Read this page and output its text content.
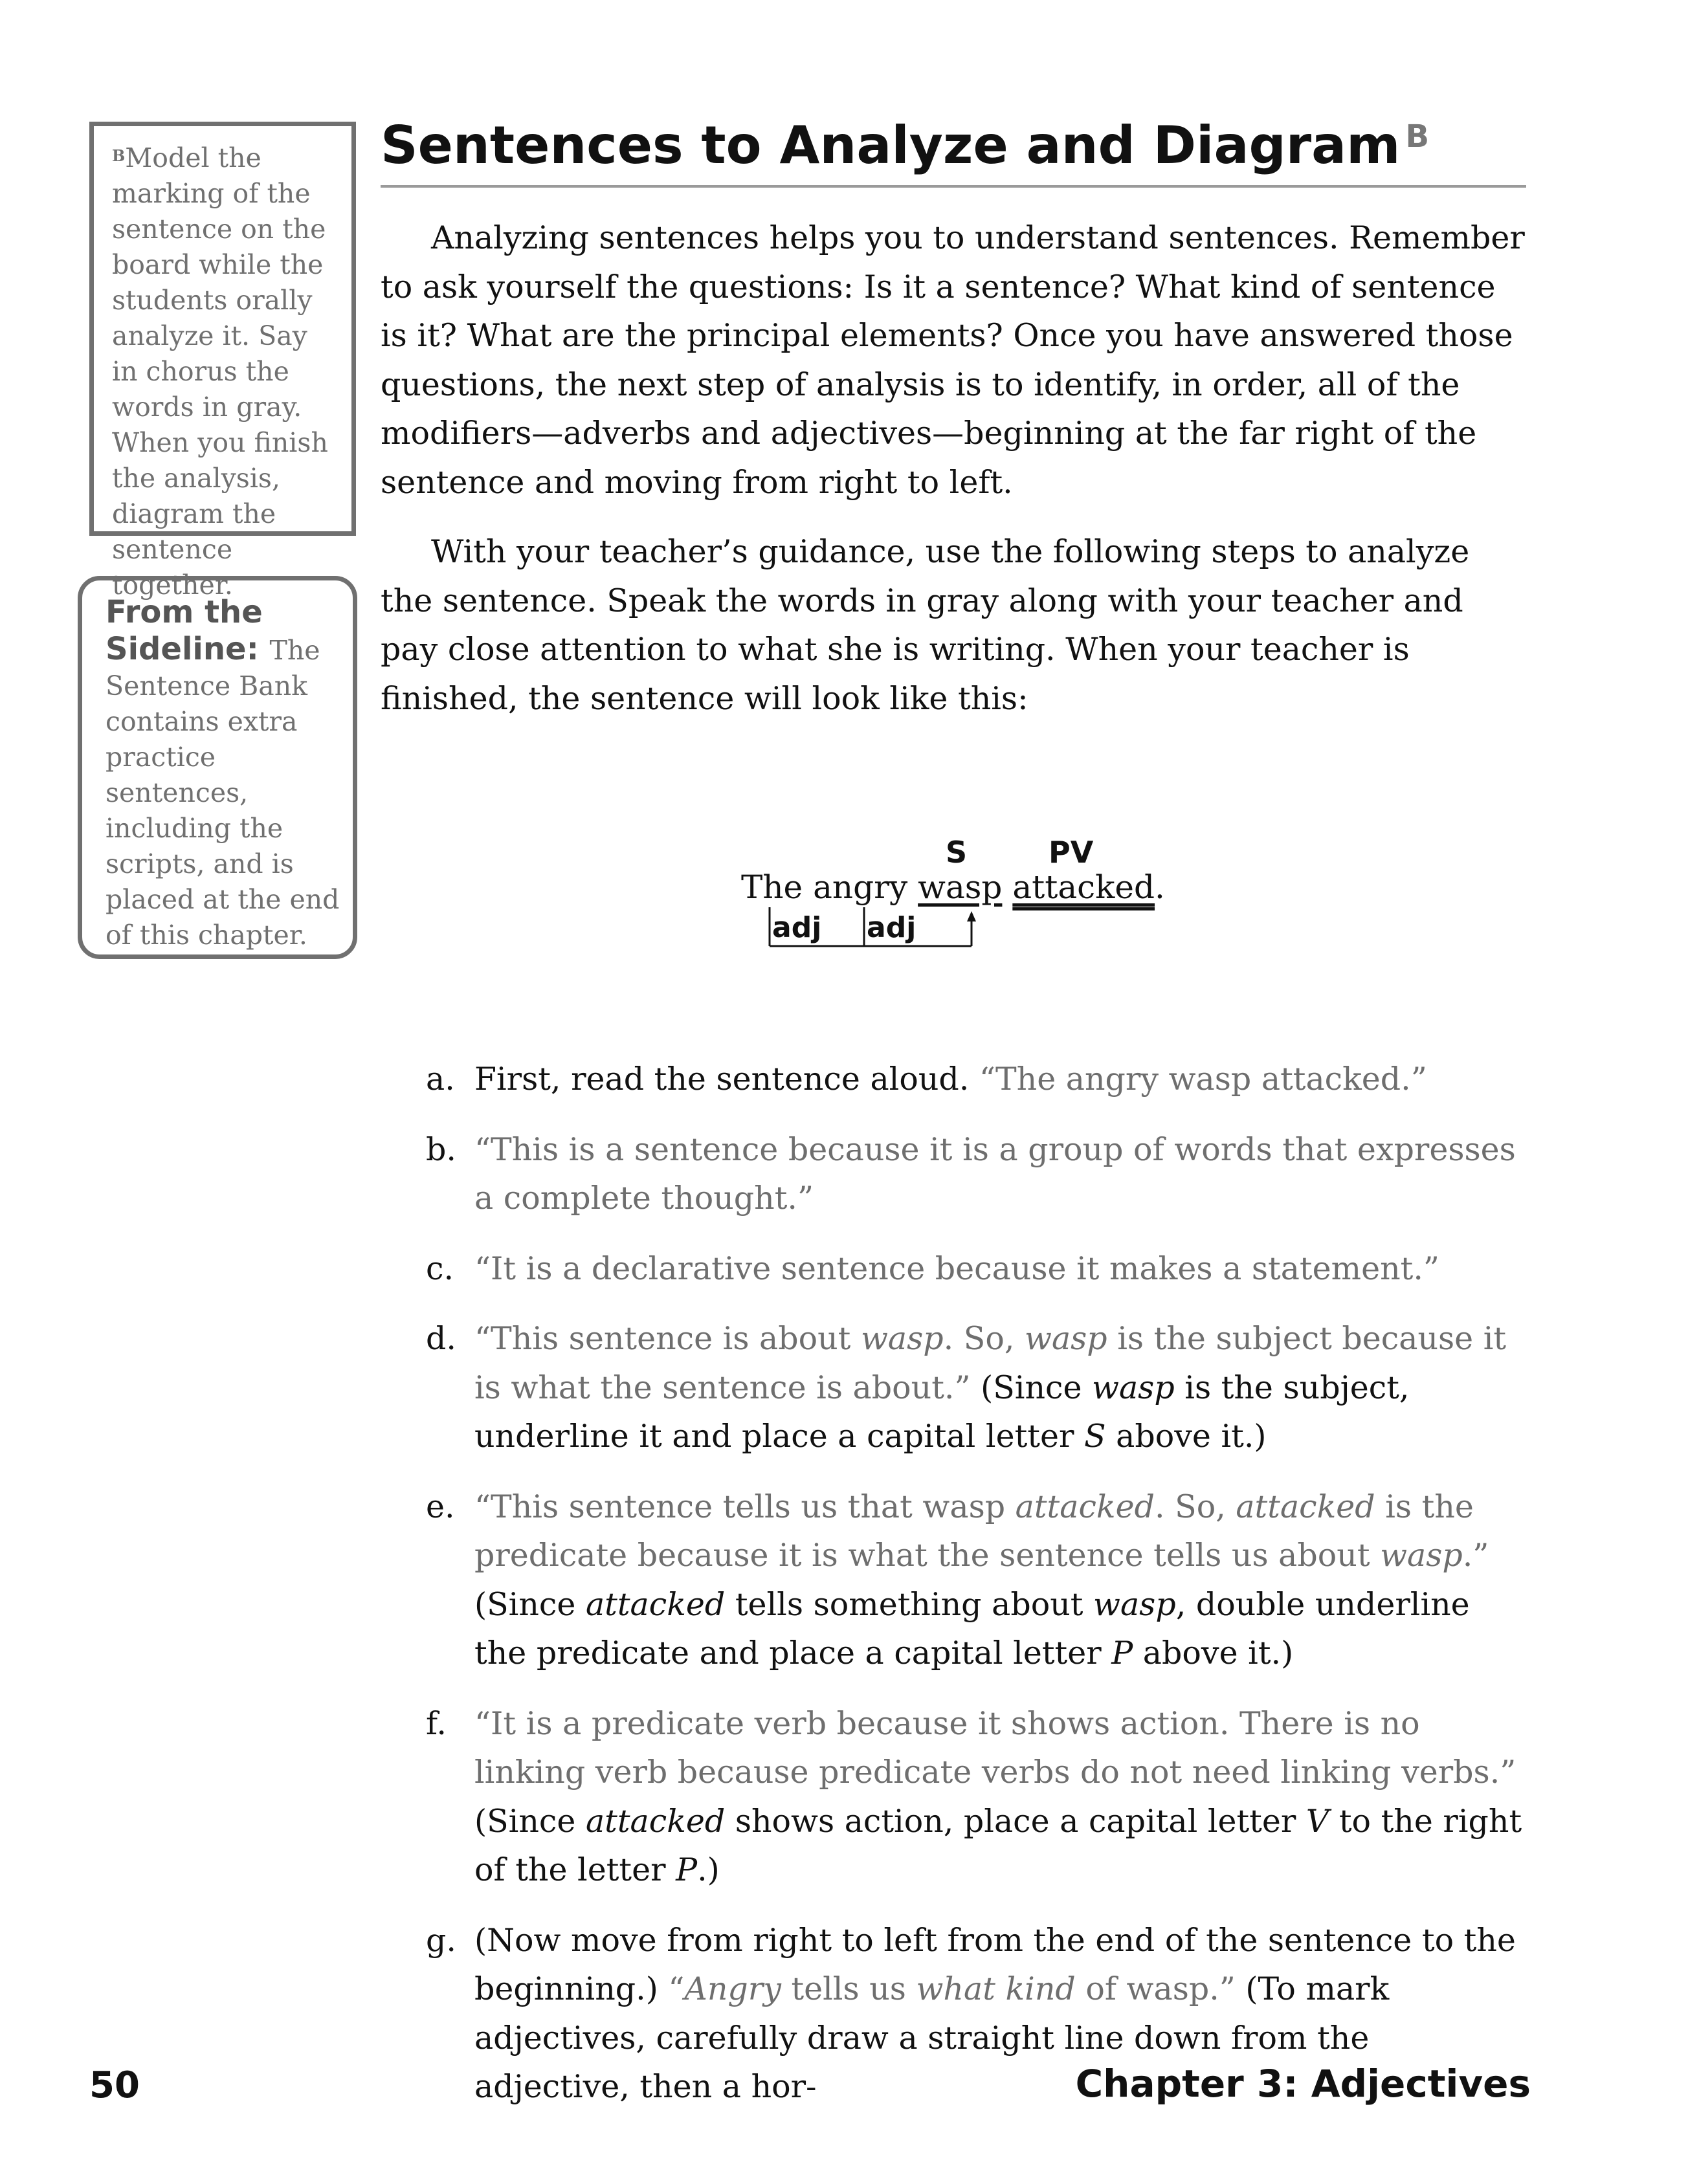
$^B$Model the marking of the sentence on the board while the students orally analyze it. Say in chorus the words in gray. When you finish the analysis, diagram the sentence together.
From the Sideline: The Sentence Bank contains extra practice sentences, including the scripts, and is placed at the end of this chapter.
Sentences to Analyze and Diagram $^B$

Analyzing sentences helps you to understand sentences. Remember to ask yourself the questions: Is it a sentence? What kind of sentence is it? What are the principal elements? Once you have answered those questions, the next step of analysis is to identify, in order, all of the modifiers—adverbs and adjectives—beginning at the far right of the sentence and moving from right to left.

With your teacher’s guidance, use the following steps to analyze the sentence. Speak the words in gray along with your teacher and pay close attention to what she is writing. When your teacher is finished, the sentence will look like this:

S	PV
The angry wasp attacked.
adj adj
a. First, read the sentence aloud. “The angry wasp attacked.”
b. “This is a sentence because it is a group of words that expresses a complete thought.”
c. “It is a declarative sentence because it makes a statement.”
d. “This sentence is about wasp. So, wasp is the subject because it is what the sentence is about.” (Since wasp is the subject, underline it and place a capital letter S above it.)
e. “This sentence tells us that wasp attacked. So, attacked is the predicate because it is what the sentence tells us about wasp.” (Since attacked tells something about wasp, double underline the predicate and place a capital letter P above it.)
f. “It is a predicate verb because it shows action. There is no linking verb because predicate verbs do not need linking verbs.” (Since attacked shows action, place a capital letter V to the right of the letter P.)
g. (Now move from right to left from the end of the sentence to the beginning.) “Angry tells us what kind of wasp.” (To mark adjectives, carefully draw a straight line down from the adjective, then a hor-
50	Chapter 3: Adjectives
